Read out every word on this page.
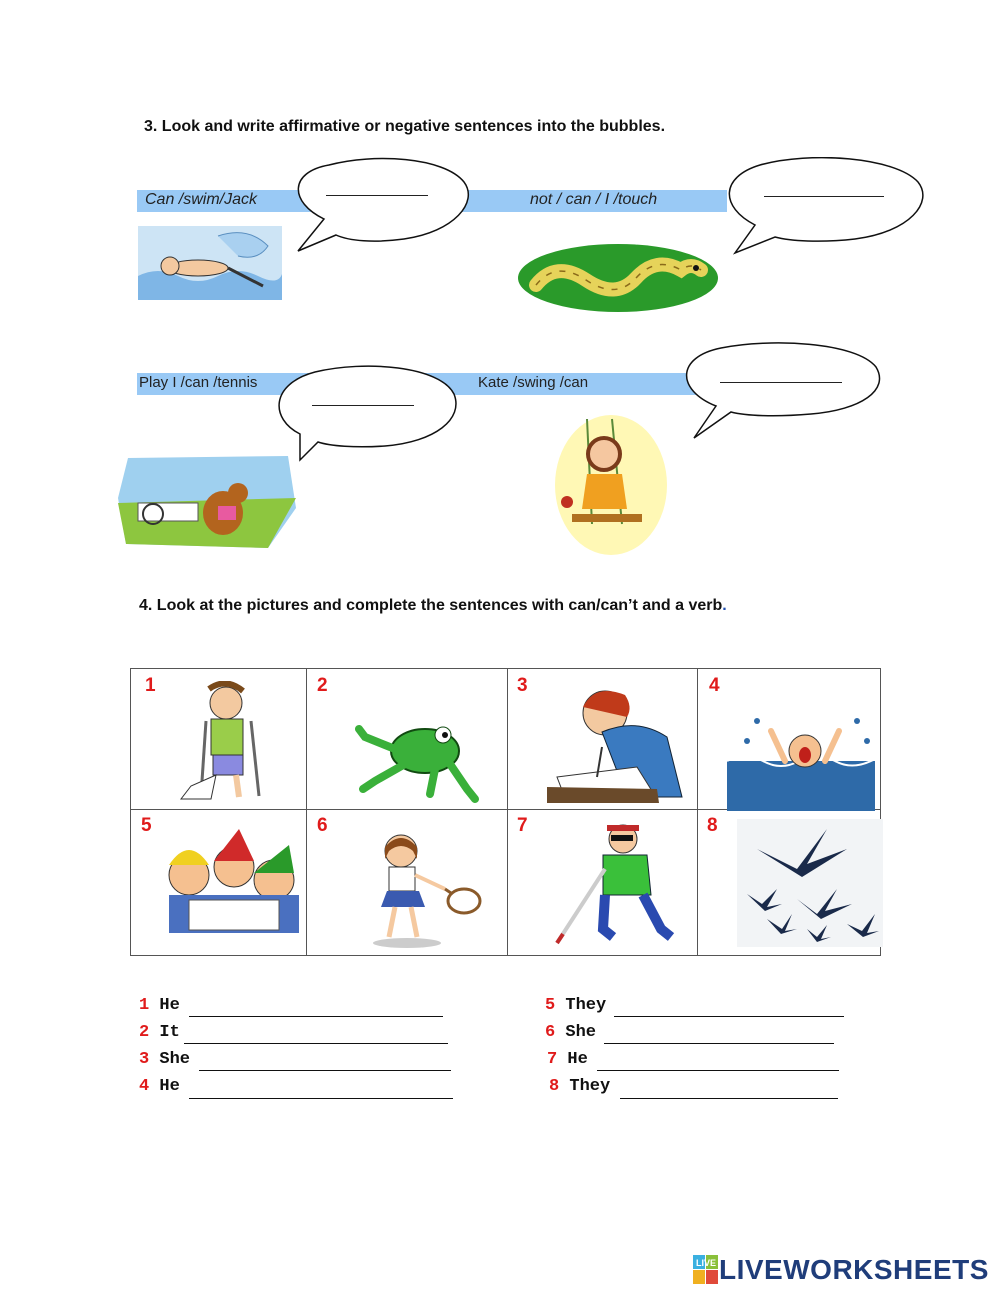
3. Look and write affirmative or negative sentences into the bubbles.
Can /swim/Jack	not / can / I /touch
Play I /can /tennis	Kate /swing /can
4. Look at the pictures and complete the sentences with can/can’t and a verb.
1	2	3	4
5	6	7	8
1 He
2 It
3 She
4 He
5 They
6 She
7 He
8 They
LIVE LIVEWORKSHEETS
